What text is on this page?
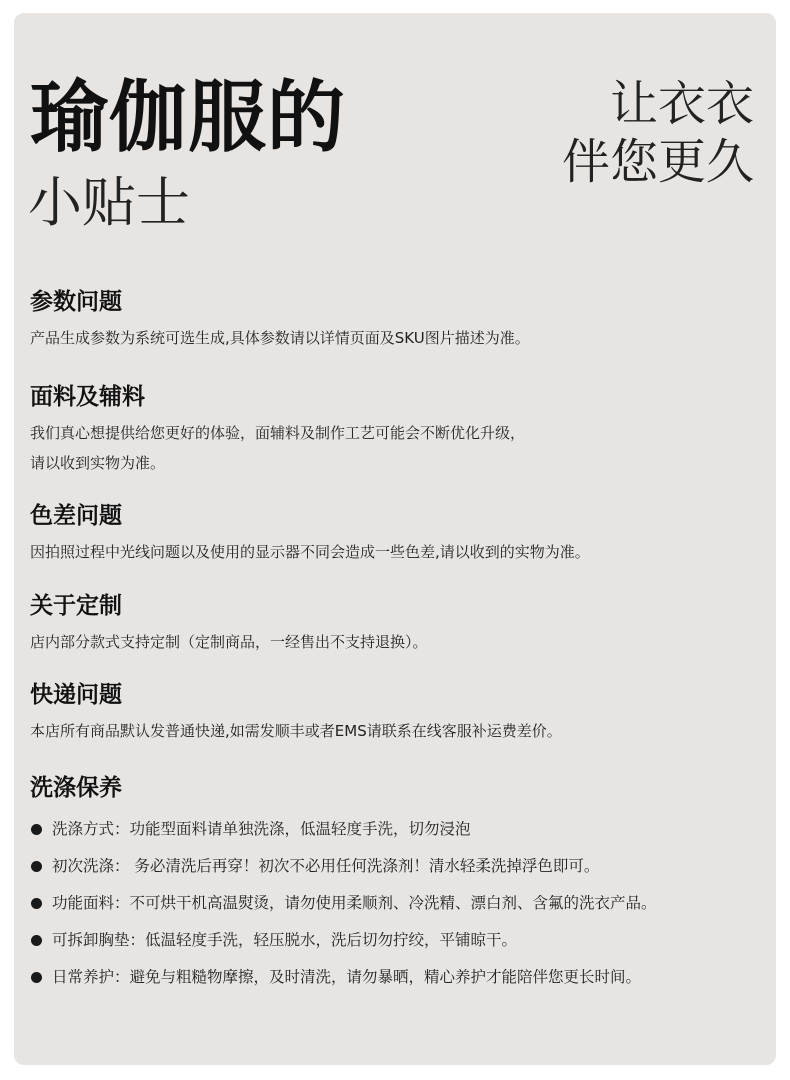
瑜伽服的
小贴士
让衣衣
伴您更久
参数问题

产品生成参数为系统可选生成,具体参数请以详情页面及SKU图片描述为准。

面料及辅料

我们真心想提供给您更好的体验，面辅料及制作工艺可能会不断优化升级，

请以收到实物为准。

色差问题

因拍照过程中光线问题以及使用的显示器不同会造成一些色差,请以收到的实物为准。

关于定制

店内部分款式支持定制（定制商品，一经售出不支持退换）。

快递问题

本店所有商品默认发普通快递,如需发顺丰或者EMS请联系在线客服补运费差价。

洗涤保养
洗涤方式：功能型面料请单独洗涤，低温轻度手洗，切勿浸泡
初次洗涤： 务必清洗后再穿！初次不必用任何洗涤剂！清水轻柔洗掉浮色即可。
功能面料：不可烘干机高温熨烫，请勿使用柔顺剂、冷洗精、漂白剂、含氟的洗衣产品。
可拆卸胸垫：低温轻度手洗，轻压脱水，洗后切勿拧绞，平铺晾干。
日常养护：避免与粗糙物摩擦，及时清洗，请勿暴晒，精心养护才能陪伴您更长时间。
